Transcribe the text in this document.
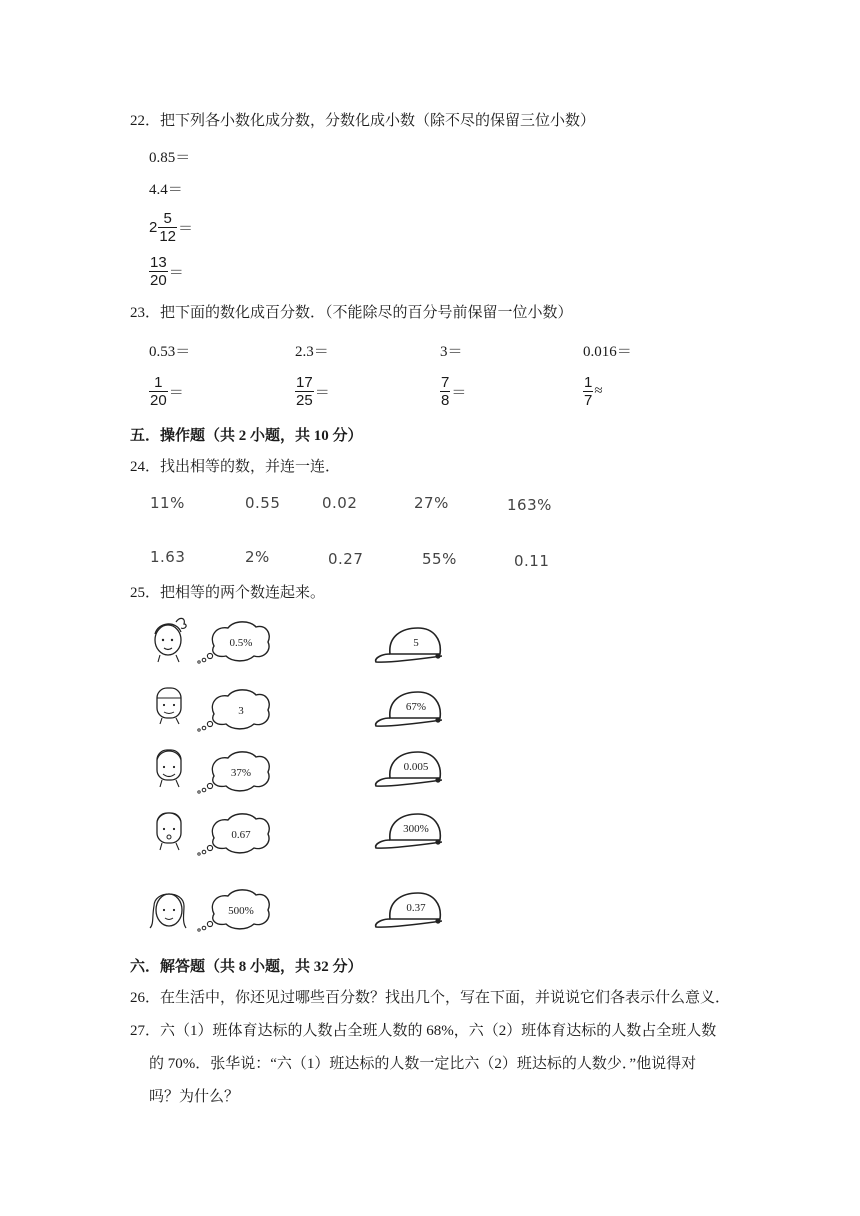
22．把下列各小数化成分数，分数化成小数（除不尽的保留三位小数）
0.85＝
4.4＝
$2 \frac{5}{12}$ ＝
$\frac{13}{20}$ ＝
23．把下面的数化成百分数．（不能除尽的百分号前保留一位小数）
0.53＝	2.3＝	3＝	0.016＝
$\frac{1}{20}$ ＝	$\frac{17}{25}$ ＝	$\frac{7}{8}$ ＝	$\frac{1}{7}$ ≈
五．操作题（共 2 小题，共 10 分）
24．找出相等的数，并连一连．
11%	0.55	0.02	27%	163%
1.63	2%	0.27	55%	0.11
25．把相等的两个数连起来。
0.5%
3
37%
0.67
500%
5
67%
0.005
300%
0.37
六．解答题（共 8 小题，共 32 分）
26．在生活中，你还见过哪些百分数？找出几个，写在下面，并说说它们各表示什么意义．
27．六（1）班体育达标的人数占全班人数的 68%，六（2）班体育达标的人数占全班人数
的 70%．张华说：“六（1）班达标的人数一定比六（2）班达标的人数少．”他说得对
吗？为什么？
